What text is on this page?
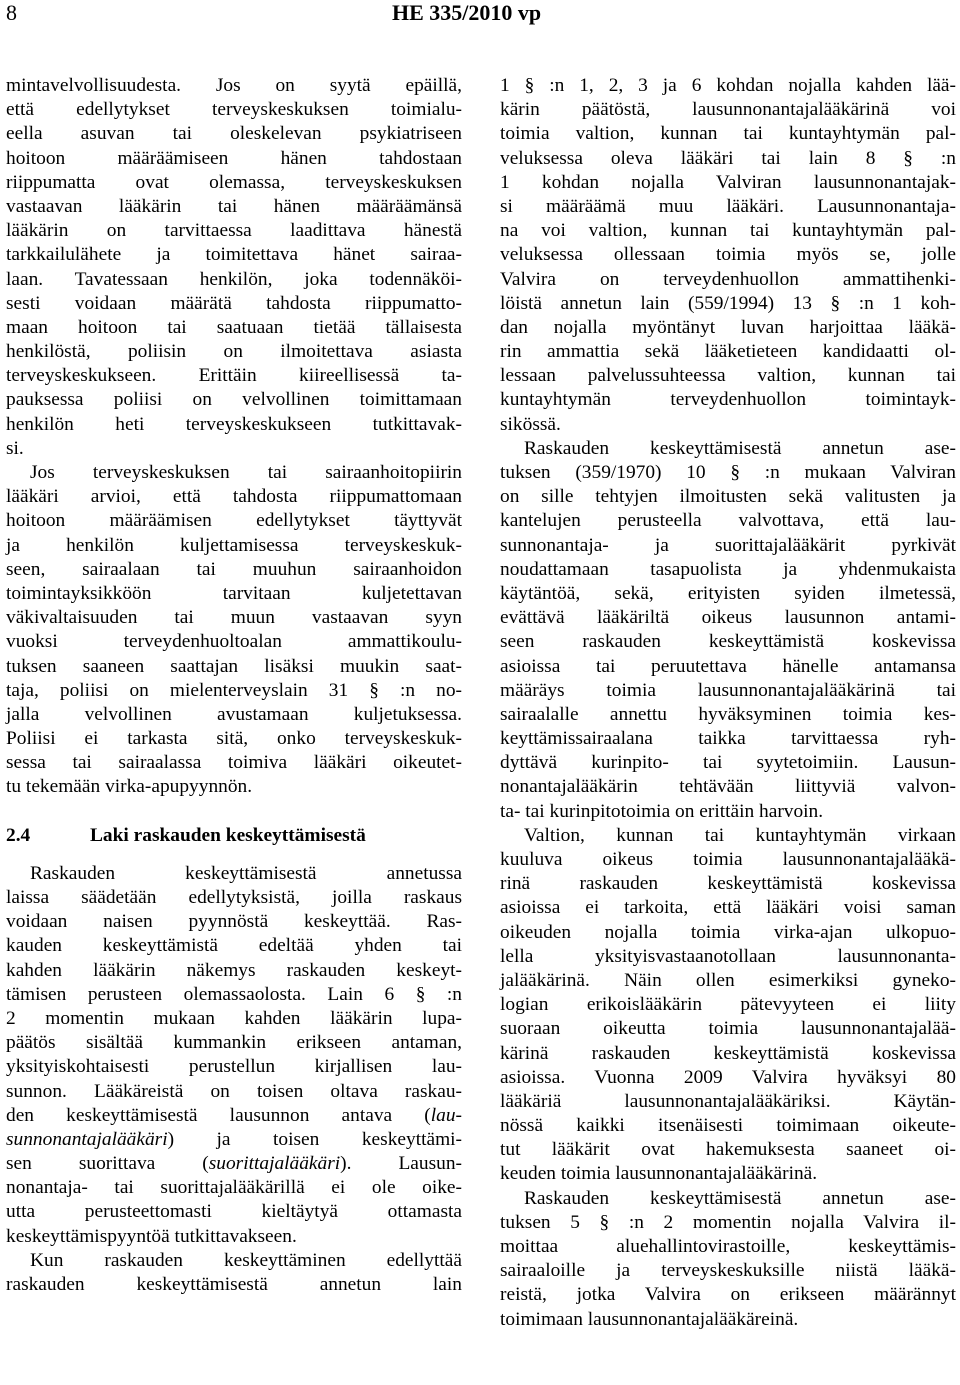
8	HE 335/2010 vp
mintavelvollisuudesta. Jos on syytä epäillä,
että edellytykset terveyskeskuksen toimialu-
eella asuvan tai oleskelevan psykiatriseen
hoitoon määräämiseen hänen tahdostaan
riippumatta ovat olemassa, terveyskeskuksen
vastaavan lääkärin tai hänen määräämänsä
lääkärin on tarvittaessa laadittava hänestä
tarkkailulähete ja toimitettava hänet sairaa-
laan. Tavatessaan henkilön, joka todennäköi-
sesti voidaan määrätä tahdosta riippumatto-
maan hoitoon tai saatuaan tietää tällaisesta
henkilöstä, poliisin on ilmoitettava asiasta
terveyskeskukseen. Erittäin kiireellisessä ta-
pauksessa poliisi on velvollinen toimittamaan
henkilön heti terveyskeskukseen tutkittavak-
si.
Jos terveyskeskuksen tai sairaanhoitopiirin
lääkäri arvioi, että tahdosta riippumattomaan
hoitoon määräämisen edellytykset täyttyvät
ja henkilön kuljettamisessa terveyskeskuk-
seen, sairaalaan tai muuhun sairaanhoidon
toimintayksikköön tarvitaan kuljetettavan
väkivaltaisuuden tai muun vastaavan syyn
vuoksi terveydenhuoltoalan ammattikoulu-
tuksen saaneen saattajan lisäksi muukin saat-
taja, poliisi on mielenterveyslain 31 § :n no-
jalla velvollinen avustamaan kuljetuksessa.
Poliisi ei tarkasta sitä, onko terveyskeskuk-
sessa tai sairaalassa toimiva lääkäri oikeutet-
tu tekemään virka-apupyynnön.
2.4	Laki raskauden keskeyttämisestä
Raskauden keskeyttämisestä annetussa
laissa säädetään edellytyksistä, joilla raskaus
voidaan naisen pyynnöstä keskeyttää. Ras-
kauden keskeyttämistä edeltää yhden tai
kahden lääkärin näkemys raskauden keskeyt-
tämisen perusteen olemassaolosta. Lain 6 § :n
2 momentin mukaan kahden lääkärin lupa-
päätös sisältää kummankin erikseen antaman,
yksityiskohtaisesti perustellun kirjallisen lau-
sunnon. Lääkäreistä on toisen oltava raskau-
den keskeyttämisestä lausunnon antava (lau-
sunnonantajalääkäri) ja toisen keskeyttämi-
sen suorittava (suorittajalääkäri). Lausun-
nonantaja- tai suorittajalääkärillä ei ole oike-
utta perusteettomasti kieltäytyä ottamasta
keskeyttämispyyntöä tutkittavakseen.
Kun raskauden keskeyttäminen edellyttää
raskauden keskeyttämisestä annetun lain
1 § :n 1, 2, 3 ja 6 kohdan nojalla kahden lää-
kärin päätöstä, lausunnonantajalääkärinä voi
toimia valtion, kunnan tai kuntayhtymän pal-
veluksessa oleva lääkäri tai lain 8 § :n
1 kohdan nojalla Valviran lausunnonantajak-
si määräämä muu lääkäri. Lausunnonantaja-
na voi valtion, kunnan tai kuntayhtymän pal-
veluksessa ollessaan toimia myös se, jolle
Valvira on terveydenhuollon ammattihenki-
löistä annetun lain (559/1994) 13 § :n 1 koh-
dan nojalla myöntänyt luvan harjoittaa lääkä-
rin ammattia sekä lääketieteen kandidaatti ol-
lessaan palvelussuhteessa valtion, kunnan tai
kuntayhtymän terveydenhuollon toimintayk-
sikössä.
Raskauden keskeyttämisestä annetun ase-
tuksen (359/1970) 10 § :n mukaan Valviran
on sille tehtyjen ilmoitusten sekä valitusten ja
kantelujen perusteella valvottava, että lau-
sunnonantaja- ja suorittajalääkärit pyrkivät
noudattamaan tasapuolista ja yhdenmukaista
käytäntöä, sekä, erityisten syiden ilmetessä,
evättävä lääkäriltä oikeus lausunnon antami-
seen raskauden keskeyttämistä koskevissa
asioissa tai peruutettava hänelle antamansa
määräys toimia lausunnonantajalääkärinä tai
sairaalalle annettu hyväksyminen toimia kes-
keyttämissairaalana taikka tarvittaessa ryh-
dyttävä kurinpito- tai syytetoimiin. Lausun-
nonantajalääkärin tehtävään liittyviä valvon-
ta- tai kurinpitotoimia on erittäin harvoin.
Valtion, kunnan tai kuntayhtymän virkaan
kuuluva oikeus toimia lausunnonantajalääkä-
rinä raskauden keskeyttämistä koskevissa
asioissa ei tarkoita, että lääkäri voisi saman
oikeuden nojalla toimia virka-ajan ulkopuo-
lella yksityisvastaanotollaan lausunnonanta-
jalääkärinä. Näin ollen esimerkiksi gyneko-
logian erikoislääkärin pätevyyteen ei liity
suoraan oikeutta toimia lausunnonantajalää-
kärinä raskauden keskeyttämistä koskevissa
asioissa. Vuonna 2009 Valvira hyväksyi 80
lääkäriä lausunnonantajalääkäriksi. Käytän-
nössä kaikki itsenäisesti toimimaan oikeute-
tut lääkärit ovat hakemuksesta saaneet oi-
keuden toimia lausunnonantajalääkärinä.
Raskauden keskeyttämisestä annetun ase-
tuksen 5 § :n 2 momentin nojalla Valvira il-
moittaa aluehallintovirastoille, keskeyttämis-
sairaaloille ja terveyskeskuksille niistä lääkä-
reistä, jotka Valvira on erikseen määrännyt
toimimaan lausunnonantajalääkäreinä.
